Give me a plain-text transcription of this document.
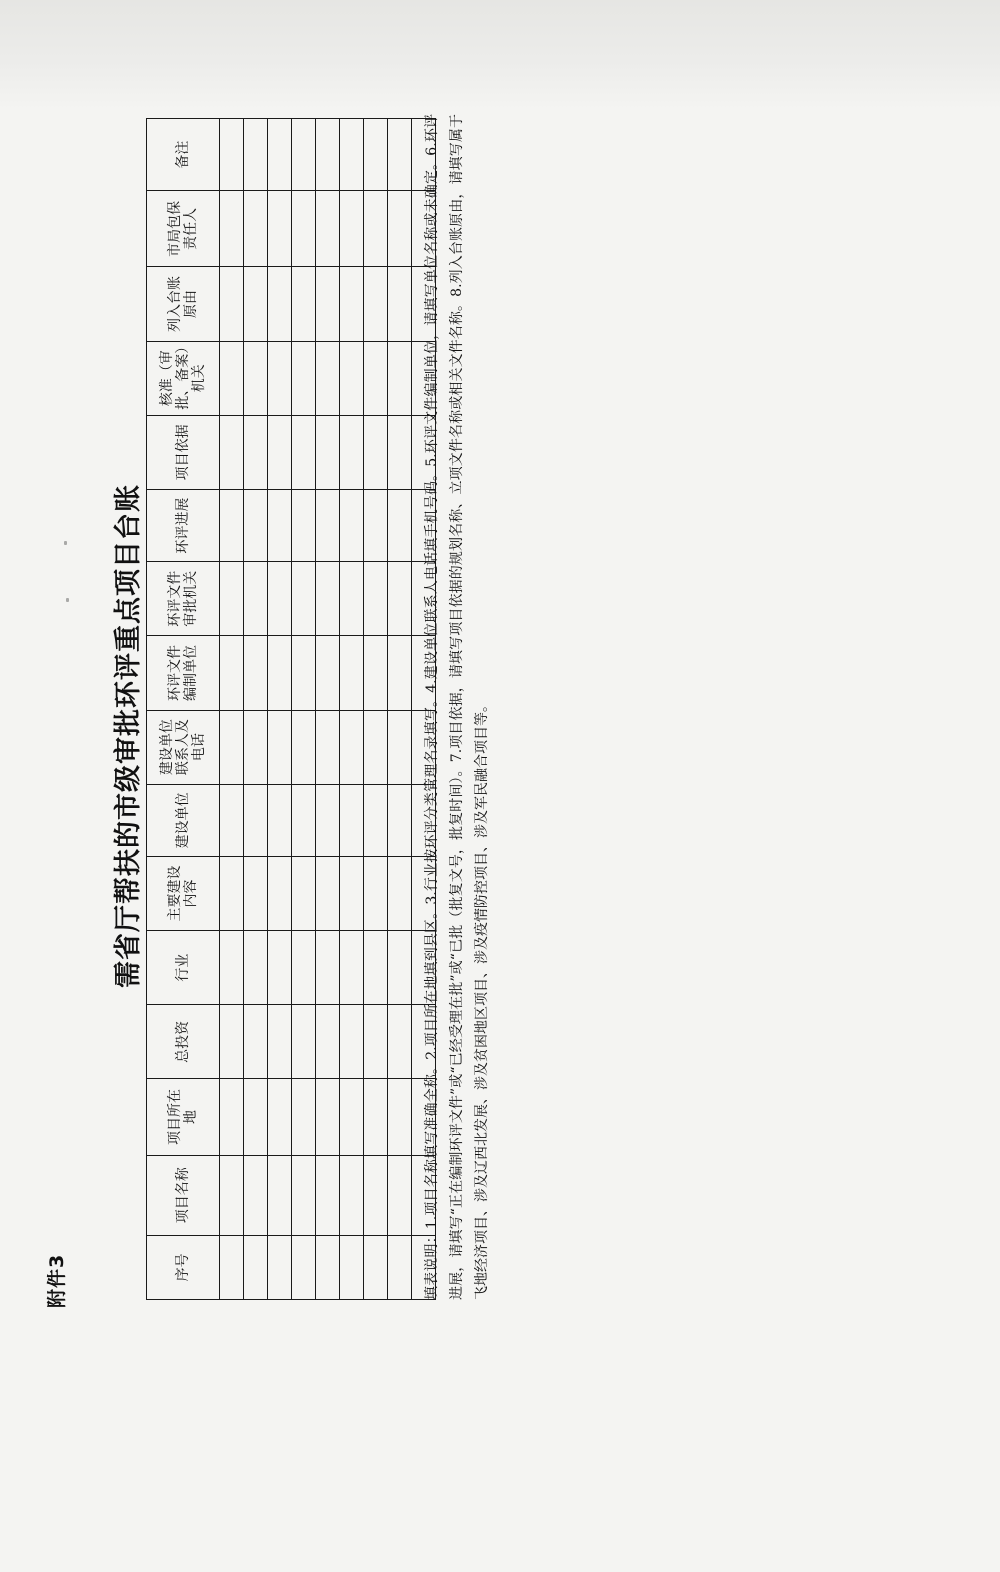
附件3
需省厅帮扶的市级审批环评重点项目台账
序号	项目名称	项目所在地	总投资	行业	主要建设内容	建设单位	建设单位联系人及电话	环评文件编制单位	环评文件审批机关	环评进展	项目依据	核准（审批、备案）机关	列入台账原由	市局包保责任人	备注

																填表说明：1.项目名称填写准确全称。2.项目所在地填到县区。3.行业按环评分类管理名录填写。4.建设单位联系人电话填手机号码。5.环评文件编制单位，请填写单位名称或未确定。6.环评进展，请填写“正在编制环评文件”或“已经受理在批”或“已批（批复文号，批复时间）。7.项目依据，请填写项目依据的规划名称、立项文件名称或相关文件名称。8.列入台账原由，请填写属于飞地经济项目、涉及辽西北发展、涉及贫困地区项目、涉及疫情防控项目、涉及军民融合项目等。
